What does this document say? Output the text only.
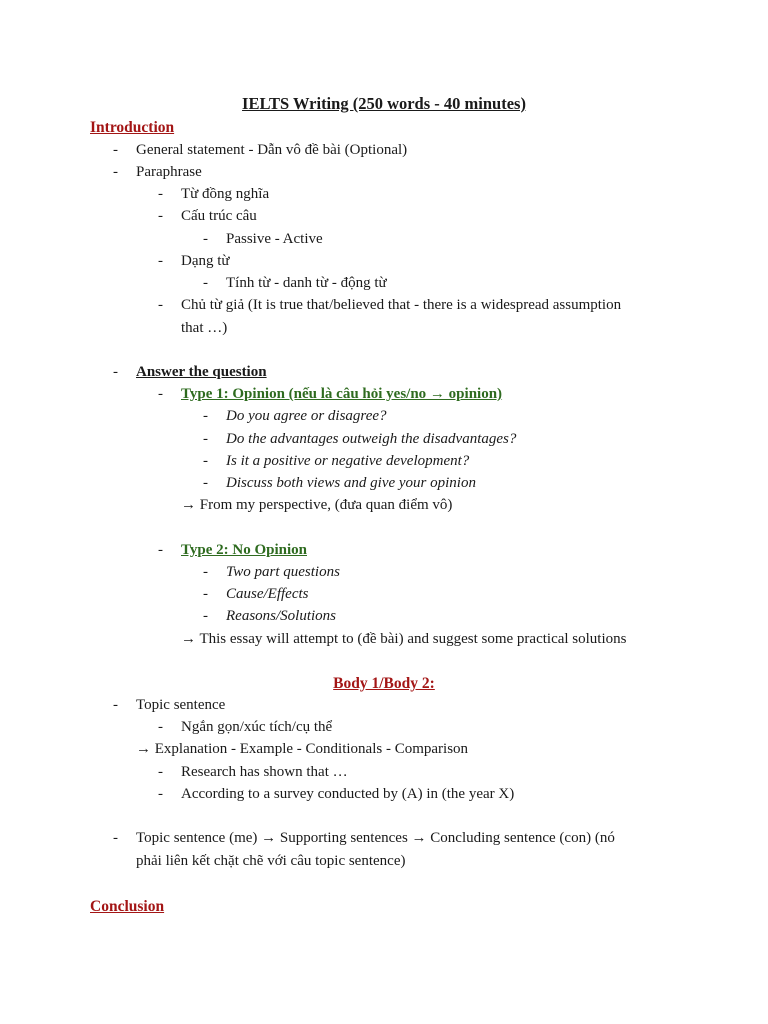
IELTS Writing (250 words - 40 minutes)
Introduction
- General statement - Dẫn vô đề bài (Optional)
- Paraphrase
- Từ đồng nghĩa
- Cấu trúc câu
- Passive - Active
- Dạng từ
- Tính từ - danh từ - động từ
- Chủ từ giả (It is true that/believed that - there is a widespread assumption
that …)
- Answer the question
- Type 1: Opinion (nếu là câu hỏi yes/no → opinion)
- Do you agree or disagree?
- Do the advantages outweigh the disadvantages?
- Is it a positive or negative development?
- Discuss both views and give your opinion
→ From my perspective, (đưa quan điểm vô)
- Type 2: No Opinion
- Two part questions
- Cause/Effects
- Reasons/Solutions
→ This essay will attempt to (đề bài) and suggest some practical solutions
Body 1/Body 2:
- Topic sentence
- Ngắn gọn/xúc tích/cụ thể
→ Explanation - Example - Conditionals - Comparison
- Research has shown that …
- According to a survey conducted by (A) in (the year X)
- Topic sentence (me) → Supporting sentences → Concluding sentence (con) (nó
phải liên kết chặt chẽ với câu topic sentence)
Conclusion
